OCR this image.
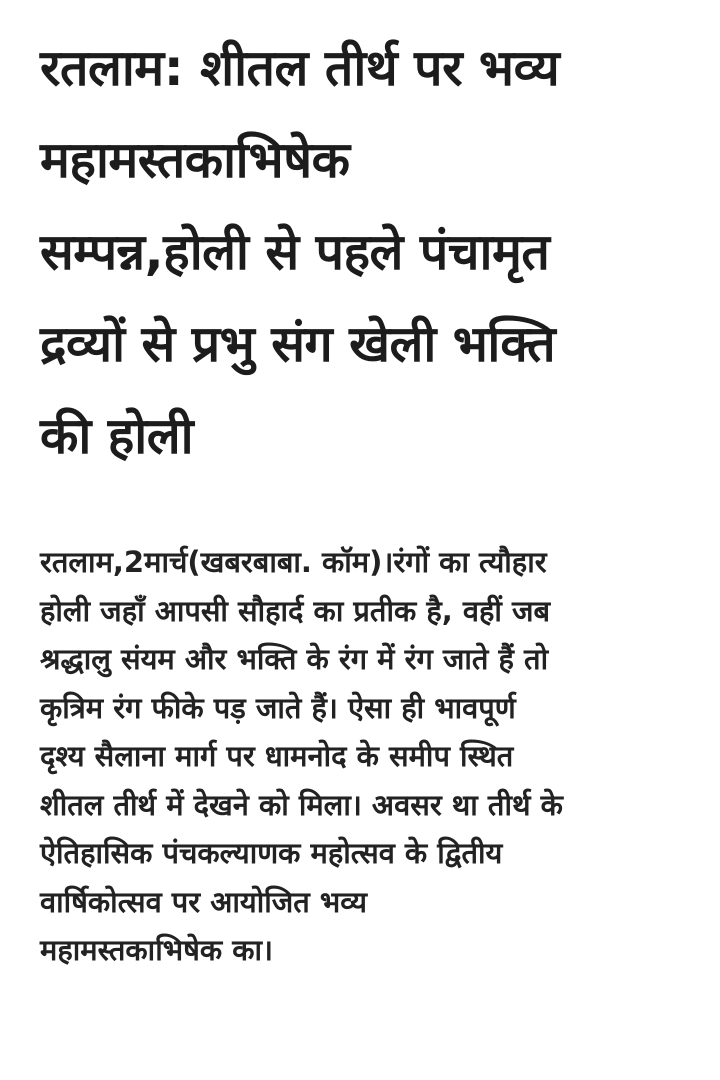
रतलाम: शीतल तीर्थ पर भव्य
महामस्तकाभिषेक
सम्पन्न,होली से पहले पंचामृत
द्रव्यों से प्रभु संग खेली भक्ति
की होली

रतलाम,2मार्च(खबरबाबा. कॉम)।रंगों का त्यौहार
होली जहाँ आपसी सौहार्द का प्रतीक है, वहीं जब
श्रद्धालु संयम और भक्ति के रंग में रंग जाते हैं तो
कृत्रिम रंग फीके पड़ जाते हैं। ऐसा ही भावपूर्ण
दृश्य सैलाना मार्ग पर धामनोद के समीप स्थित
शीतल तीर्थ में देखने को मिला। अवसर था तीर्थ के
ऐतिहासिक पंचकल्याणक महोत्सव के द्वितीय
वार्षिकोत्सव पर आयोजित भव्य
महामस्तकाभिषेक का।
